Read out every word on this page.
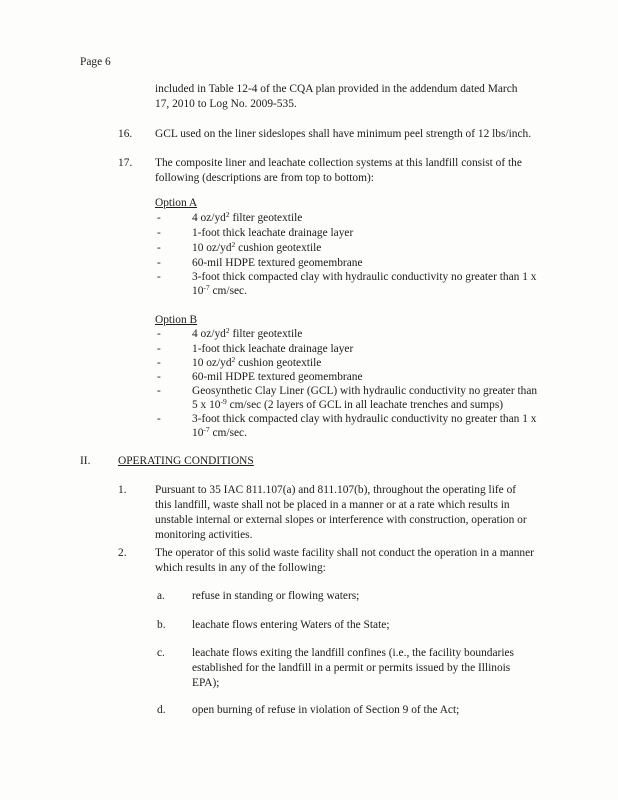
Page 6
included in Table 12-4 of the CQA plan provided in the addendum dated March
17, 2010 to Log No. 2009-535.
16. GCL used on the liner sideslopes shall have minimum peel strength of 12 lbs/inch.
17. The composite liner and leachate collection systems at this landfill consist of the
following (descriptions are from top to bottom):
Option A
-	4 $oz/yd^2$ filter geotextile
-	1-foot thick leachate drainage layer
-	10 $oz/yd^2$ cushion geotextile
-	60-mil HDPE textured geomembrane
-	3-foot thick compacted clay with hydraulic conductivity no greater than 1 x
$10^{-7}$ cm/sec.
Option B
-	4 $oz/yd^2$ filter geotextile
-	1-foot thick leachate drainage layer
-	10 $oz/yd^2$ cushion geotextile
-	60-mil HDPE textured geomembrane
-	Geosynthetic Clay Liner (GCL) with hydraulic conductivity no greater than
5 x $10^{-9}$ cm/sec (2 layers of GCL in all leachate trenches and sumps)
-	3-foot thick compacted clay with hydraulic conductivity no greater than 1 x
$10^{-7}$ cm/sec.
II. OPERATING CONDITIONS
1. Pursuant to 35 IAC 811.107(a) and 811.107(b), throughout the operating life of
this landfill, waste shall not be placed in a manner or at a rate which results in
unstable internal or external slopes or interference with construction, operation or
monitoring activities.
2. The operator of this solid waste facility shall not conduct the operation in a manner
which results in any of the following:
a. refuse in standing or flowing waters;
b. leachate flows entering Waters of the State;
c. leachate flows exiting the landfill confines (i.e., the facility boundaries
established for the landfill in a permit or permits issued by the Illinois
EPA);
d. open burning of refuse in violation of Section 9 of the Act;
